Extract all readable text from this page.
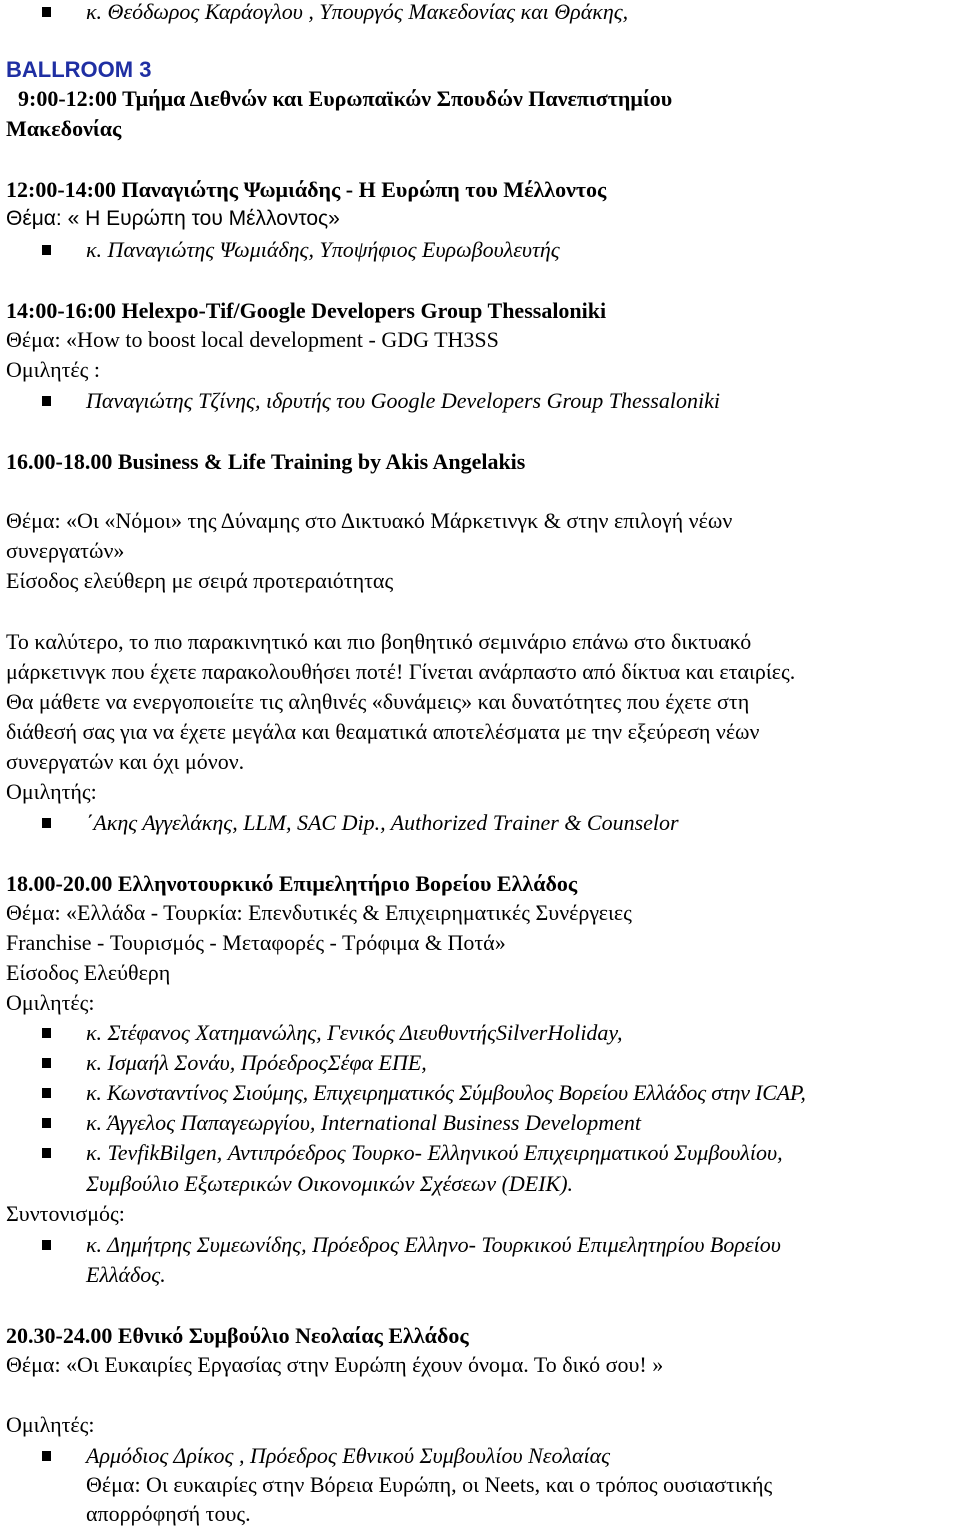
κ. Θεόδωρος Καράογλου , Υπουργός Μακεδονίας και Θράκης,
BALLROOM 3
9:00-12:00 Τμήμα Διεθνών και Ευρωπαϊκών Σπουδών Πανεπιστημίου
Μακεδονίας
12:00-14:00 Παναγιώτης Ψωμιάδης - Η Ευρώπη του Μέλλοντος
Θέμα: « Η Ευρώπη του Μέλλοντος»
κ. Παναγιώτης Ψωμιάδης, Υποψήφιος Ευρωβουλευτής
14:00-16:00 Helexpo-Tif/Google Developers Group Thessaloniki
Θέμα: «How to boost local development - GDG TH3SS
Ομιλητές :
Παναγιώτης Τζίνης, ιδρυτής του Google Developers Group Thessaloniki
16.00-18.00 Business & Life Training by Akis Angelakis
Θέμα: «Οι «Νόμοι» της Δύναμης στο Δικτυακό Μάρκετινγκ & στην επιλογή νέων
συνεργατών»
Είσοδος ελεύθερη με σειρά προτεραιότητας
Το καλύτερο, το πιο παρακινητικό και πιο βοηθητικό σεμινάριο επάνω στο δικτυακό
μάρκετινγκ που έχετε παρακολουθήσει ποτέ! Γίνεται ανάρπαστο από δίκτυα και εταιρίες.
Θα μάθετε να ενεργοποιείτε τις αληθινές «δυνάμεις» και δυνατότητες που έχετε στη
διάθεσή σας για να έχετε μεγάλα και θεαματικά αποτελέσματα με την εξεύρεση νέων
συνεργατών και όχι μόνον.
Ομιλητής:
΄Ακης Αγγελάκης, LLM, SAC Dip., Authorized Trainer & Counselor
18.00-20.00 Ελληνοτουρκικό Επιμελητήριο Βορείου Ελλάδος
Θέμα: «Ελλάδα - Τουρκία: Επενδυτικές & Επιχειρηματικές Συνέργειες
Franchise - Τουρισμός - Μεταφορές - Τρόφιμα & Ποτά»
Είσοδος Ελεύθερη
Ομιλητές:
κ. Στέφανος Χατημανώλης, Γενικός ΔιευθυντήςSilverHoliday,
κ. Ισμαήλ Σονάυ, ΠρόεδροςΣέφα ΕΠΕ,
κ. Κωνσταντίνος Σιούμης, Επιχειρηματικός Σύμβουλος Βορείου Ελλάδος στην ICAP,
κ. Άγγελος Παπαγεωργίου, International Business Development
κ. TevfikBilgen, Αντιπρόεδρος Τουρκο- Ελληνικού Επιχειρηματικού Συμβουλίου,
Συμβούλιο Εξωτερικών Οικονομικών Σχέσεων (DEIK).
Συντονισμός:
κ. Δημήτρης Συμεωνίδης, Πρόεδρος Ελληνο- Τουρκικού Επιμελητηρίου Βορείου
Ελλάδος.
20.30-24.00 Εθνικό Συμβούλιο Νεολαίας Ελλάδος
Θέμα: «Οι Ευκαιρίες Εργασίας στην Ευρώπη έχουν όνομα. Το δικό σου! »
Ομιλητές:
Αρμόδιος Δρίκος , Πρόεδρος Εθνικού Συμβουλίου Νεολαίας
Θέμα: Οι ευκαιρίες στην Βόρεια Ευρώπη, οι Neets, και ο τρόπος ουσιαστικής
απορρόφησή τους.
